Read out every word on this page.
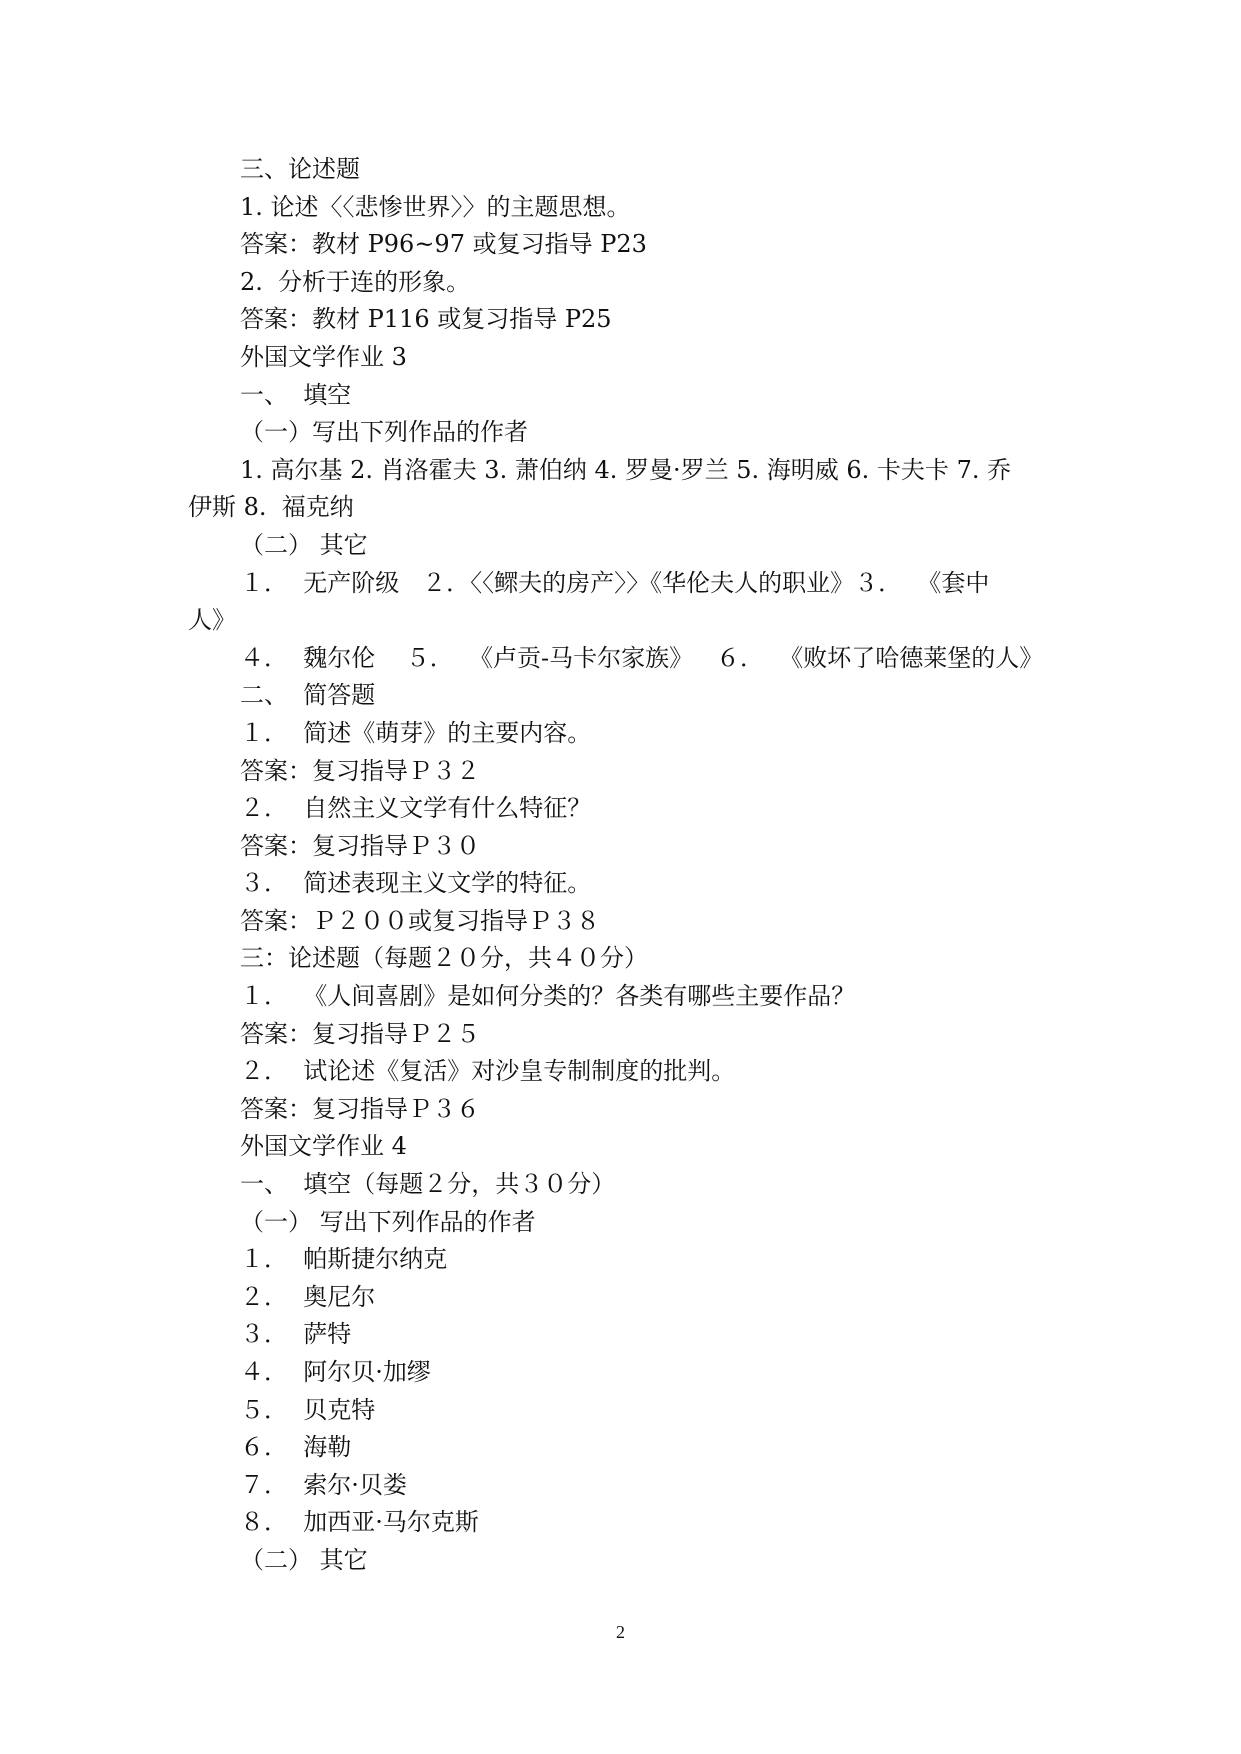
三、论述题
1. 论述〈〈悲惨世界〉〉的主题思想。
答案：教材 P96~97 或复习指导 P23
2.  分析于连的形象。
答案：教材 P116 或复习指导 P25
外国文学作业 3
一、  填空
（一）写出下列作品的作者
1. 高尔基 2. 肖洛霍夫 3. 萧伯纳 4. 罗曼·罗兰 5. 海明威 6. 卡夫卡 7. 乔
伊斯 8.  福克纳
（二） 其它
１．  无产阶级   ２．〈〈鳏夫的房产〉〉《华伦夫人的职业》３．  《套中
人》
４．  魏尔伦    ５．  《卢贡-马卡尔家族》   ６．  《败坏了哈德莱堡的人》
二、  简答题
１．  简述《萌芽》的主要内容。
答案：复习指导Ｐ３２
２．  自然主义文学有什么特征？
答案：复习指导Ｐ３０
３．  简述表现主义文学的特征。
答案：Ｐ２００或复习指导Ｐ３８
三：论述题（每题２０分，共４０分）
１．  《人间喜剧》是如何分类的？各类有哪些主要作品？
答案：复习指导Ｐ２５
２．  试论述《复活》对沙皇专制制度的批判。
答案：复习指导Ｐ３６
外国文学作业 4
一、  填空（每题２分，共３０分）
（一） 写出下列作品的作者
１．  帕斯捷尔纳克
２．  奥尼尔
３．  萨特
４．  阿尔贝·加缪
５．  贝克特
６．  海勒
７．  索尔·贝娄
８．  加西亚·马尔克斯
（二） 其它
2
